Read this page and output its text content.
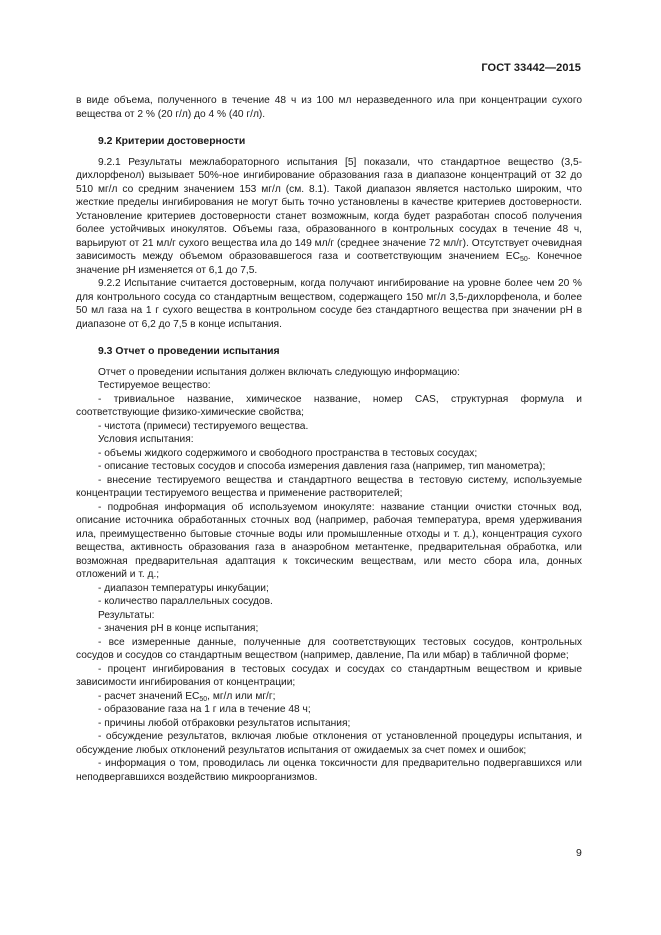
ГОСТ 33442—2015

в виде объема, полученного в течение 48 ч из 100 мл неразведенного ила при концентрации сухого вещества от 2 % (20 г/л) до 4 % (40 г/л).

9.2 Критерии достоверности

9.2.1 Результаты межлабораторного испытания [5] показали, что стандартное вещество (3,5-дихлорфенол) вызывает 50%-ное ингибирование образования газа в диапазоне концентраций от 32 до 510 мг/л со средним значением 153 мг/л (см. 8.1). Такой диапазон является настолько широким, что жесткие пределы ингибирования не могут быть точно установлены в качестве критериев достоверности. Установление критериев достоверности станет возможным, когда будет разработан способ получения более устойчивых инокулятов. Объемы газа, образованного в контрольных сосудах в течение 48 ч, варьируют от 21 мл/г сухого вещества ила до 149 мл/г (среднее значение 72 мл/г). Отсутствует очевидная зависимость между объемом образовавшегося газа и соответствующим значением $EC_{50}$. Конечное значение рН изменяется от 6,1 до 7,5.

9.2.2 Испытание считается достоверным, когда получают ингибирование на уровне более чем 20 % для контрольного сосуда со стандартным веществом, содержащего 150 мг/л 3,5-дихлорфенола, и более 50 мл газа на 1 г сухого вещества в контрольном сосуде без стандартного вещества при значении рН в диапазоне от 6,2 до 7,5 в конце испытания.

9.3 Отчет о проведении испытания

Отчет о проведении испытания должен включать следующую информацию:

Тестируемое вещество:

- тривиальное название, химическое название, номер CAS, структурная формула и соответствующие физико-химические свойства;

- чистота (примеси) тестируемого вещества.

Условия испытания:

- объемы жидкого содержимого и свободного пространства в тестовых сосудах;

- описание тестовых сосудов и способа измерения давления газа (например, тип манометра);

- внесение тестируемого вещества и стандартного вещества в тестовую систему, используемые концентрации тестируемого вещества и применение растворителей;

- подробная информация об используемом инокуляте: название станции очистки сточных вод, описание источника обработанных сточных вод (например, рабочая температура, время удерживания ила, преимущественно бытовые сточные воды или промышленные отходы и т. д.), концентрация сухого вещества, активность образования газа в анаэробном метантенке, предварительная обработка, или возможная предварительная адаптация к токсическим веществам, или место сбора ила, донных отложений и т. д.;

- диапазон температуры инкубации;

- количество параллельных сосудов.

Результаты:

- значения рН в конце испытания;

- все измеренные данные, полученные для соответствующих тестовых сосудов, контрольных сосудов и сосудов со стандартным веществом (например, давление, Па или мбар) в табличной форме;

- процент ингибирования в тестовых сосудах и сосудах со стандартным веществом и кривые зависимости ингибирования от концентрации;

- расчет значений $EC_{50}$, мг/л или мг/г;

- образование газа на 1 г ила в течение 48 ч;

- причины любой отбраковки результатов испытания;

- обсуждение результатов, включая любые отклонения от установленной процедуры испытания, и обсуждение любых отклонений результатов испытания от ожидаемых за счет помех и ошибок;

- информация о том, проводилась ли оценка токсичности для предварительно подвергавшихся или неподвергавшихся воздействию микроорганизмов.

9
